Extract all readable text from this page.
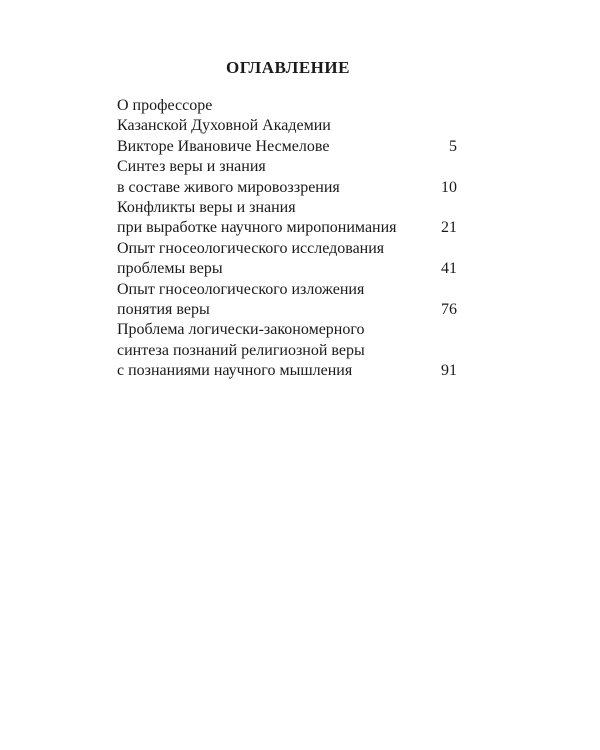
ОГЛАВЛЕНИЕ
О профессоре
Казанской Духовной Академии
Викторе Ивановиче Несмелове	5
Синтез веры и знания
в составе живого мировоззрения	10
Конфликты веры и знания
при выработке научного миропонимания	21
Опыт гносеологического исследования
проблемы веры	41
Опыт гносеологического изложения
понятия веры	76
Проблема логически-закономерного
синтеза познаний религиозной веры
с познаниями научного мышления	91
